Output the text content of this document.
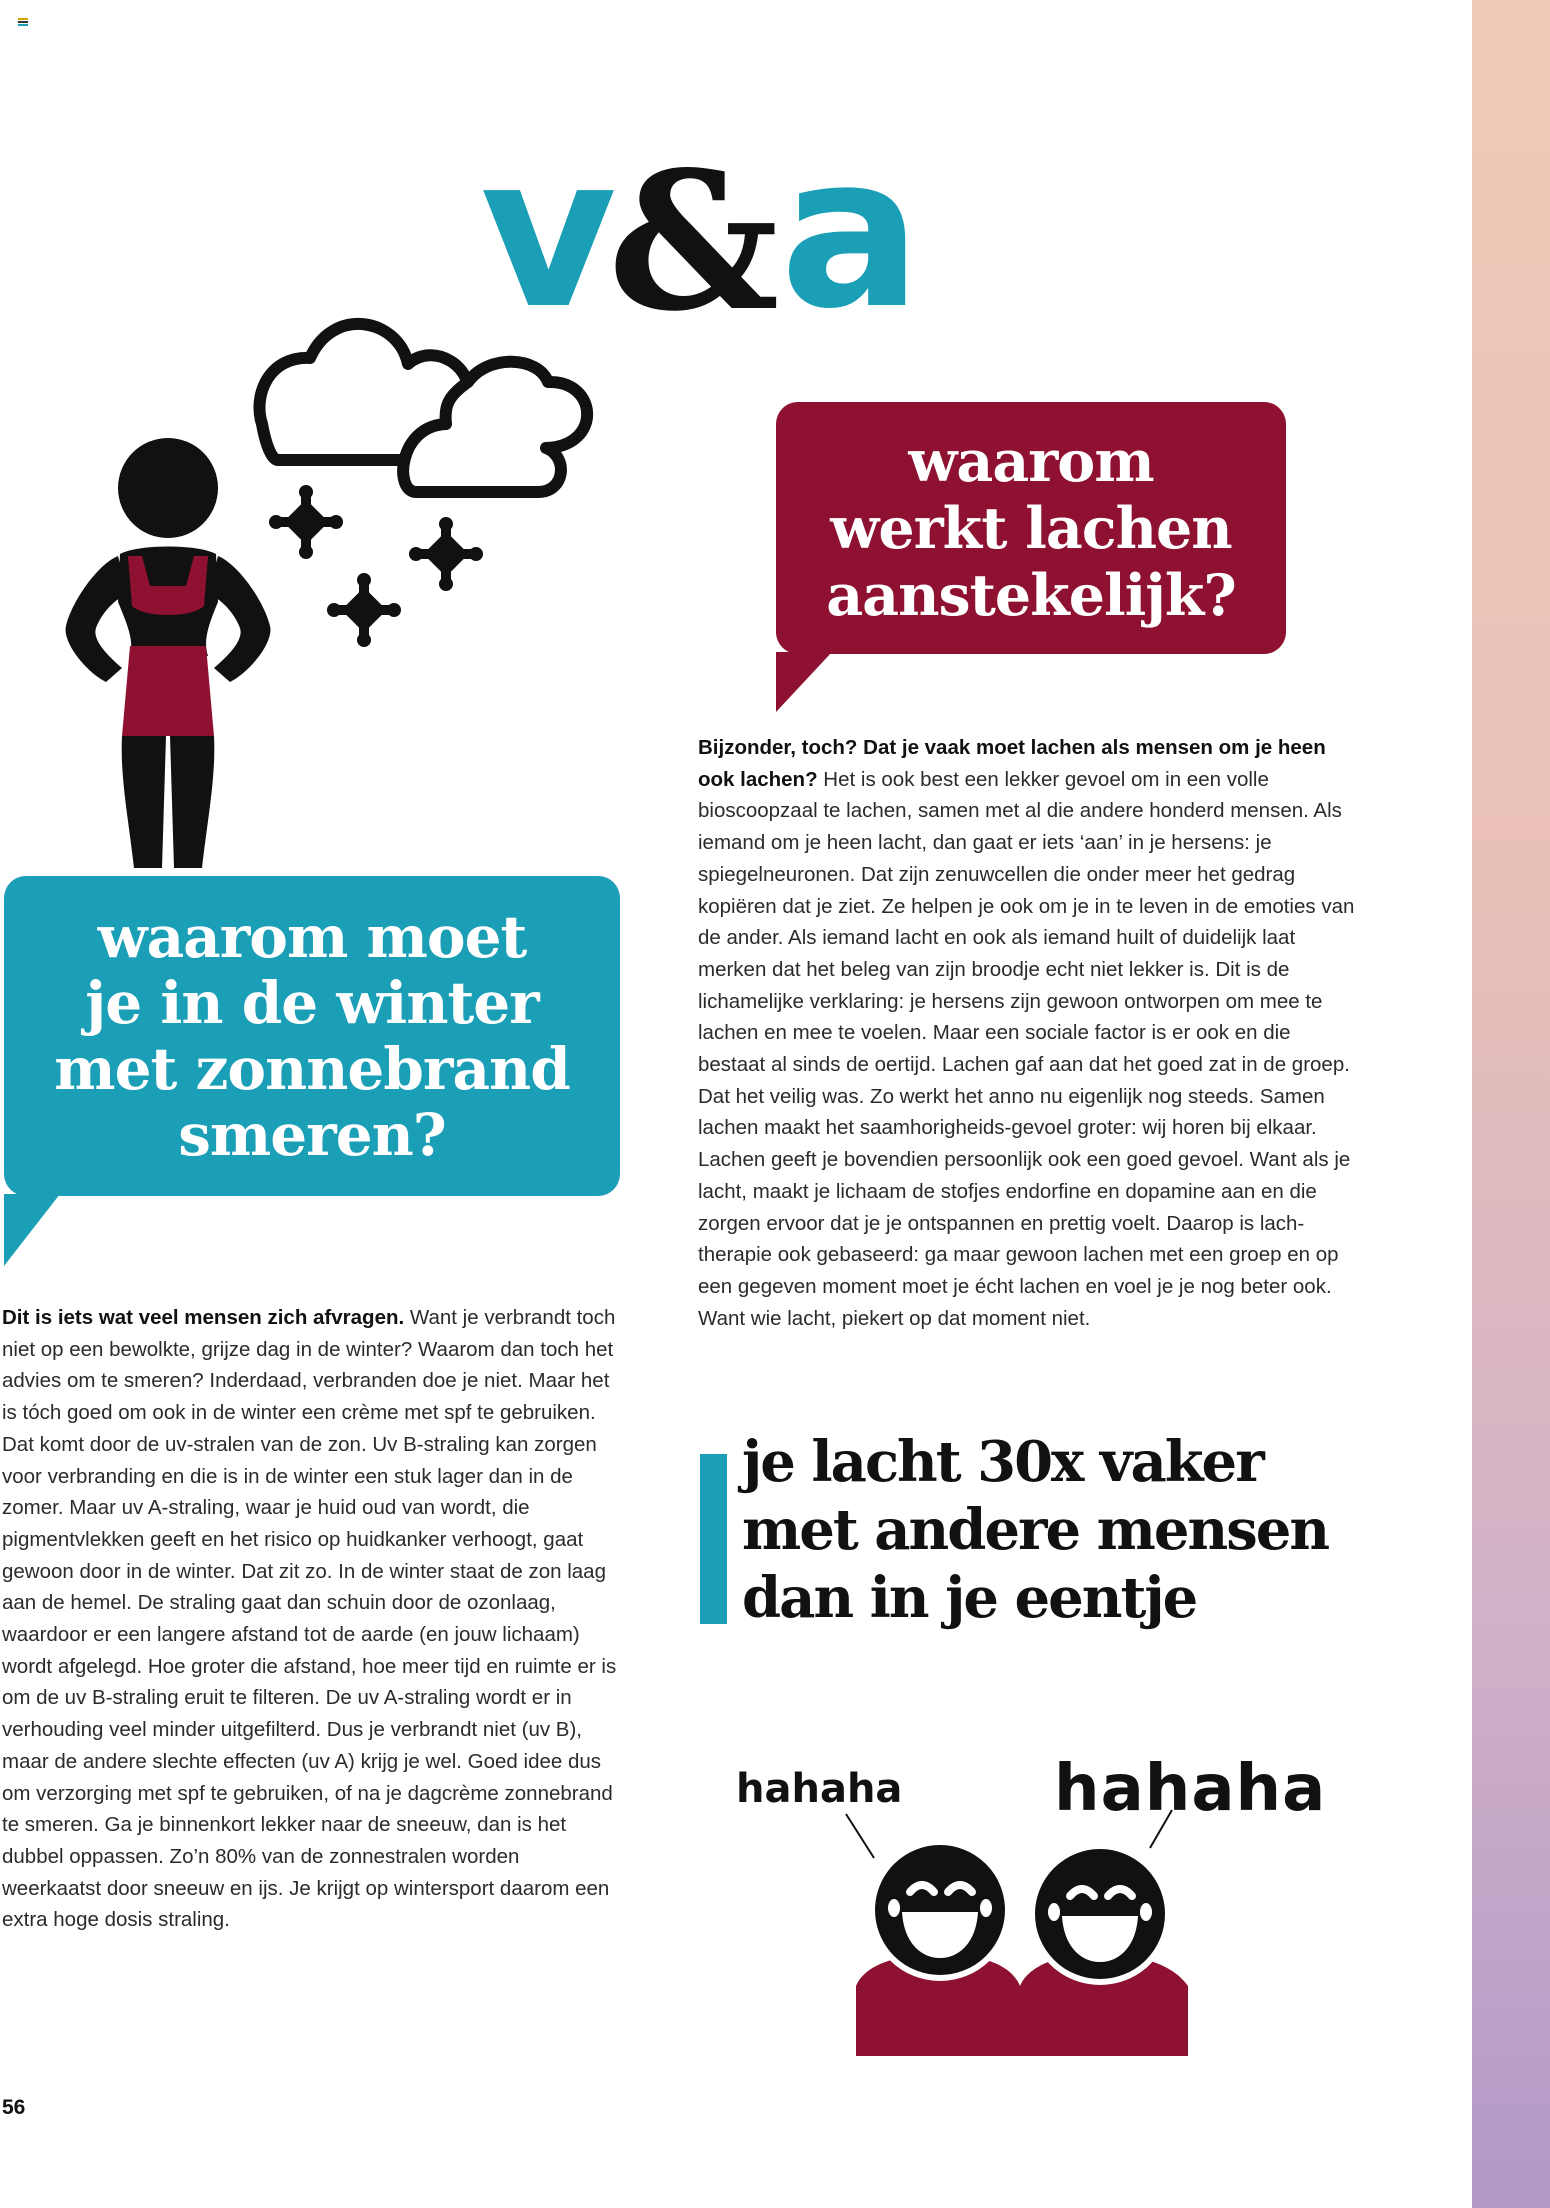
v a
&

waarom moet
je in de winter
met zonnebrand
smeren?

waarom
werkt lachen
aanstekelijk?

Dit is iets wat veel mensen zich afvragen. Want je verbrandt toch niet op een bewolkte, grijze dag in de winter? Waarom dan toch het advies om te smeren? Inderdaad, verbranden doe je niet. Maar het is tóch goed om ook in de winter een crème met spf te gebruiken. Dat komt door de uv-stralen van de zon. Uv B-straling kan zorgen voor verbranding en die is in de winter een stuk lager dan in de zomer. Maar uv A-straling, waar je huid oud van wordt, die pigmentvlekken geeft en het risico op huidkanker verhoogt, gaat gewoon door in de winter. Dat zit zo. In de winter staat de zon laag aan de hemel. De straling gaat dan schuin door de ozonlaag, waardoor er een langere afstand tot de aarde (en jouw lichaam) wordt afgelegd. Hoe groter die afstand, hoe meer tijd en ruimte er is om de uv B-straling eruit te filteren. De uv A-straling wordt er in verhouding veel minder uitgefilterd. Dus je verbrandt niet (uv B), maar de andere slechte effecten (uv A) krijg je wel. Goed idee dus om verzorging met spf te gebruiken, of na je dagcrème zonnebrand te smeren. Ga je binnenkort lekker naar de sneeuw, dan is het dubbel oppassen. Zo’n 80% van de zonnestralen worden weerkaatst door sneeuw en ijs. Je krijgt op wintersport daarom een extra hoge dosis straling.

Bijzonder, toch? Dat je vaak moet lachen als mensen om je heen ook lachen? Het is ook best een lekker gevoel om in een volle bioscoopzaal te lachen, samen met al die andere honderd mensen. Als iemand om je heen lacht, dan gaat er iets ‘aan’ in je hersens: je spiegelneuronen. Dat zijn zenuwcellen die onder meer het gedrag kopiëren dat je ziet. Ze helpen je ook om je in te leven in de emoties van de ander. Als iemand lacht en ook als iemand huilt of duidelijk laat merken dat het beleg van zijn broodje echt niet lekker is. Dit is de lichamelijke verklaring: je hersens zijn gewoon ontworpen om mee te lachen en mee te voelen. Maar een sociale factor is er ook en die bestaat al sinds de oertijd. Lachen gaf aan dat het goed zat in de groep. Dat het veilig was. Zo werkt het anno nu eigenlijk nog steeds. Samen lachen maakt het saamhorigheids-gevoel groter: wij horen bij elkaar. Lachen geeft je bovendien persoonlijk ook een goed gevoel. Want als je lacht, maakt je lichaam de stofjes endorfine en dopamine aan en die zorgen ervoor dat je je ontspannen en prettig voelt. Daarop is lach-therapie ook gebaseerd: ga maar gewoon lachen met een groep en op een gegeven moment moet je écht lachen en voel je je nog beter ook. Want wie lacht, piekert op dat moment niet.

je lacht 30x vaker
met andere mensen
dan in je eentje

hahaha hahaha

56
